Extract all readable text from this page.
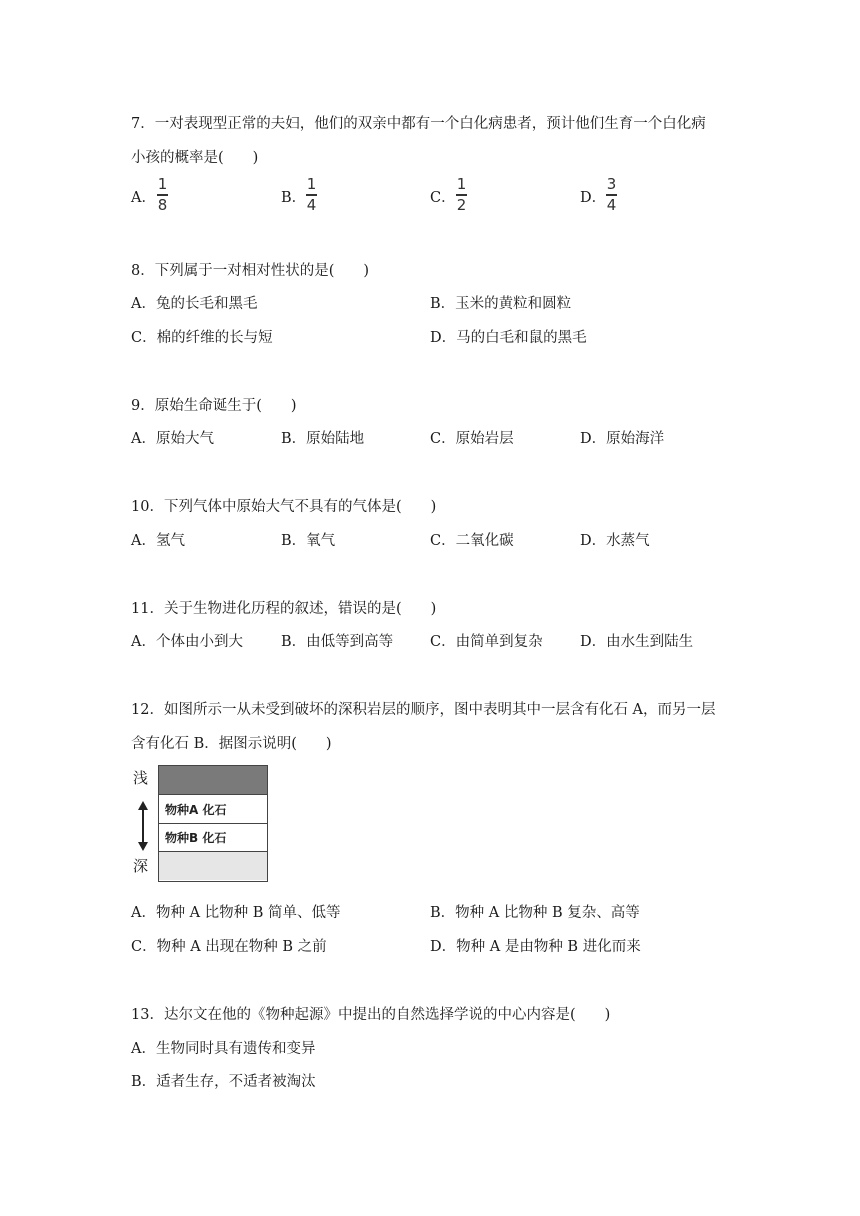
7．一对表现型正常的夫妇，他们的双亲中都有一个白化病患者，预计他们生育一个白化病
小孩的概率是(　　)
A．
1
8	B．
1
4	C．
1
2	D．
3
4
8．下列属于一对相对性状的是(　　)
A．兔的长毛和黑毛	B．玉米的黄粒和圆粒
C．棉的纤维的长与短	D．马的白毛和鼠的黑毛
9．原始生命诞生于(　　)
A．原始大气	B．原始陆地	C．原始岩层	D．原始海洋
10．下列气体中原始大气不具有的气体是(　　)
A．氢气	B．氧气	C．二氧化碳	D．水蒸气
11．关于生物进化历程的叙述，错误的是(　　)
A．个体由小到大	B．由低等到高等	C．由简单到复杂	D．由水生到陆生
12．如图所示一从未受到破坏的深积岩层的顺序，图中表明其中一层含有化石 A，而另一层
含有化石 B．据图示说明(　　)
浅
深
物种A 化石
物种B 化石
A．物种 A 比物种 B 简单、低等	B．物种 A 比物种 B 复杂、高等
C．物种 A 出现在物种 B 之前	D．物种 A 是由物种 B 进化而来
13．达尔文在他的《物种起源》中提出的自然选择学说的中心内容是(　　)
A．生物同时具有遗传和变异
B．适者生存，不适者被淘汰
